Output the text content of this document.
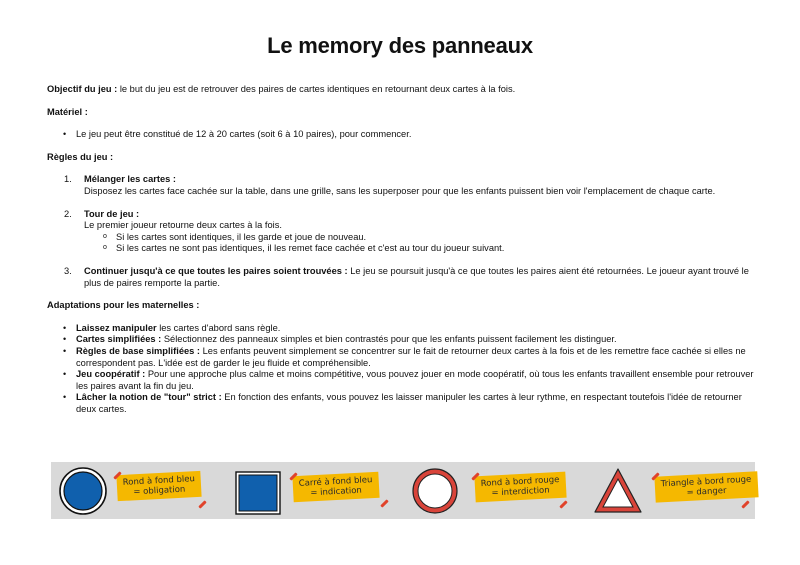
Le memory des panneaux

Objectif du jeu : le but du jeu est de retrouver des paires de cartes identiques en retournant deux cartes à la fois.

Matériel :

• Le jeu peut être constitué de 12 à 20 cartes (soit 6 à 10 paires), pour commencer.

Règles du jeu :

1. Mélanger les cartes :
Disposez les cartes face cachée sur la table, dans une grille, sans les superposer pour que les enfants puissent bien voir l'emplacement de chaque carte.
2. Tour de jeu :
Le premier joueur retourne deux cartes à la fois.
o Si les cartes sont identiques, il les garde et joue de nouveau.
o Si les cartes ne sont pas identiques, il les remet face cachée et c'est au tour du joueur suivant.
3. Continuer jusqu'à ce que toutes les paires soient trouvées : Le jeu se poursuit jusqu'à ce que toutes les paires aient été retournées. Le joueur ayant trouvé le plus de paires remporte la partie.

Adaptations pour les maternelles :

• Laissez manipuler les cartes d'abord sans règle.
• Cartes simplifiées : Sélectionnez des panneaux simples et bien contrastés pour que les enfants puissent facilement les distinguer.
• Règles de base simplifiées : Les enfants peuvent simplement se concentrer sur le fait de retourner deux cartes à la fois et de les remettre face cachée si elles ne correspondent pas. L'idée est de garder le jeu fluide et compréhensible.
• Jeu coopératif : Pour une approche plus calme et moins compétitive, vous pouvez jouer en mode coopératif, où tous les enfants travaillent ensemble pour retrouver les paires avant la fin du jeu.
• Lâcher la notion de "tour" strict : En fonction des enfants, vous pouvez les laisser manipuler les cartes à leur rythme, en respectant toutefois l'idée de retourner deux cartes.
Rond à fond bleu
= obligation
Carré à fond bleu
= indication
Rond à bord rouge
= interdiction
Triangle à bord rouge
= danger
